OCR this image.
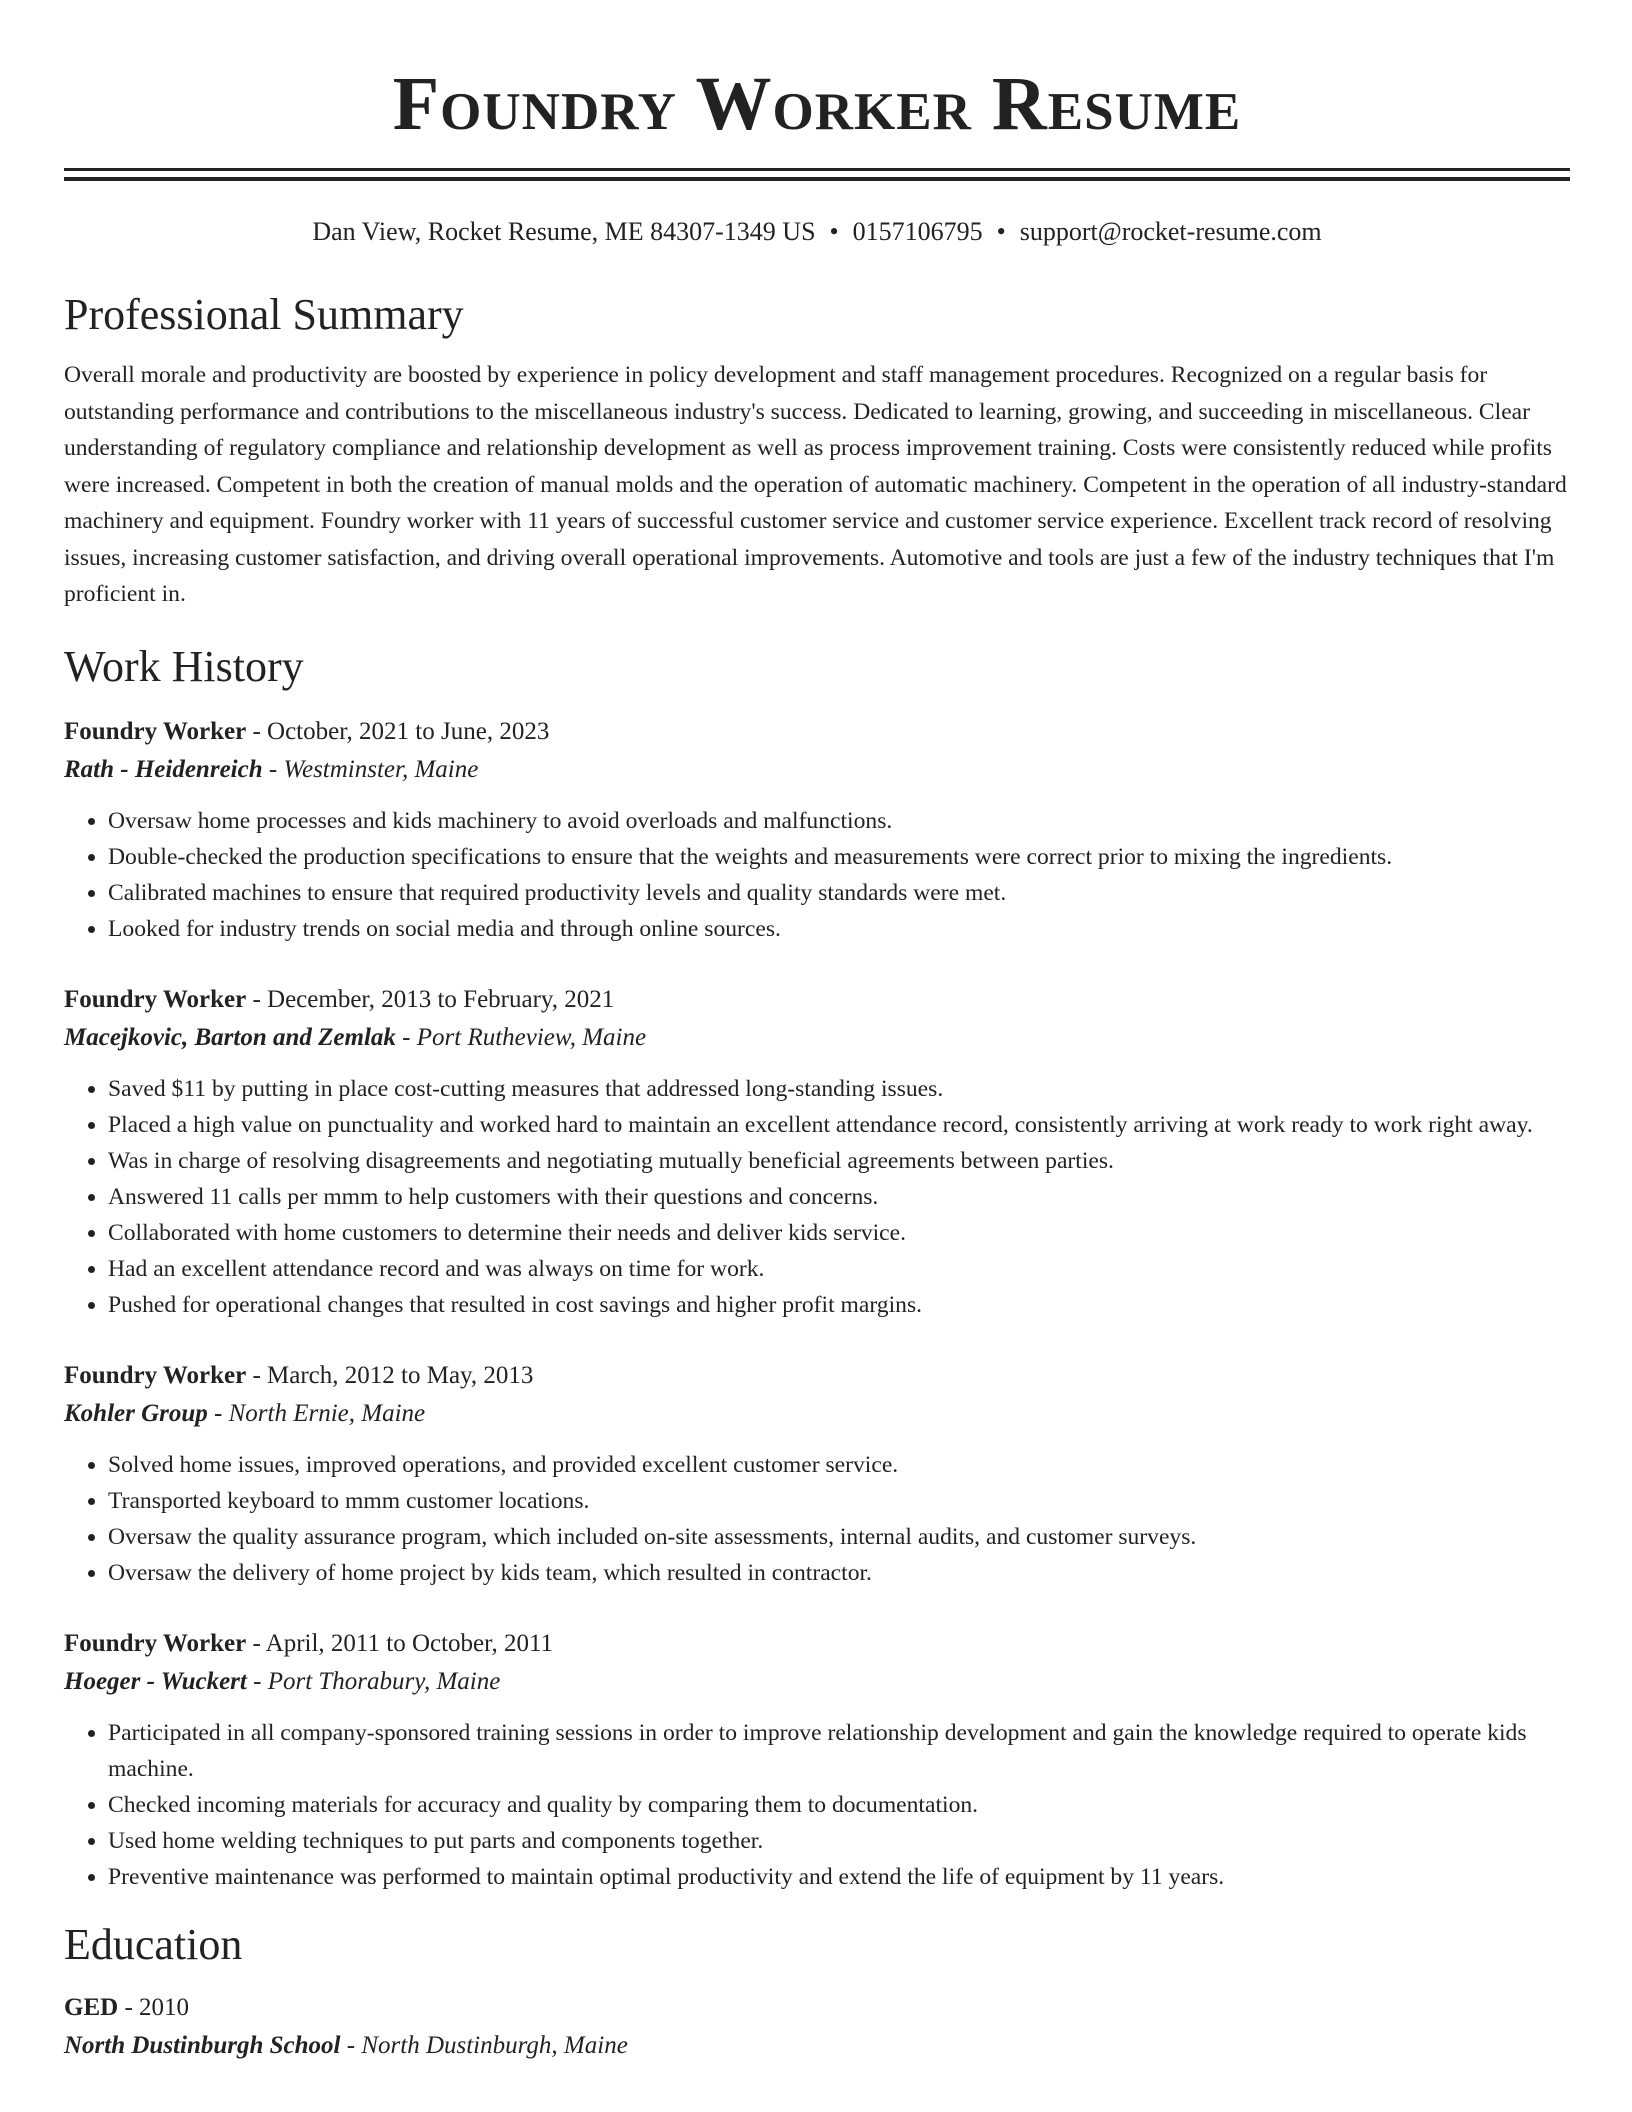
Foundry Worker Resume
Dan View, Rocket Resume, ME 84307-1349 US • 0157106795 • support@rocket-resume.com
Professional Summary
Overall morale and productivity are boosted by experience in policy development and staff management procedures. Recognized on a regular basis for outstanding performance and contributions to the miscellaneous industry's success. Dedicated to learning, growing, and succeeding in miscellaneous. Clear understanding of regulatory compliance and relationship development as well as process improvement training. Costs were consistently reduced while profits were increased. Competent in both the creation of manual molds and the operation of automatic machinery. Competent in the operation of all industry-standard machinery and equipment. Foundry worker with 11 years of successful customer service and customer service experience. Excellent track record of resolving issues, increasing customer satisfaction, and driving overall operational improvements. Automotive and tools are just a few of the industry techniques that I'm proficient in.
Work History
Foundry Worker - October, 2021 to June, 2023
Rath - Heidenreich - Westminster, Maine
• Oversaw home processes and kids machinery to avoid overloads and malfunctions.
• Double-checked the production specifications to ensure that the weights and measurements were correct prior to mixing the ingredients.
• Calibrated machines to ensure that required productivity levels and quality standards were met.
• Looked for industry trends on social media and through online sources.
Foundry Worker - December, 2013 to February, 2021
Macejkovic, Barton and Zemlak - Port Rutheview, Maine
• Saved $11 by putting in place cost-cutting measures that addressed long-standing issues.
• Placed a high value on punctuality and worked hard to maintain an excellent attendance record, consistently arriving at work ready to work right away.
• Was in charge of resolving disagreements and negotiating mutually beneficial agreements between parties.
• Answered 11 calls per mmm to help customers with their questions and concerns.
• Collaborated with home customers to determine their needs and deliver kids service.
• Had an excellent attendance record and was always on time for work.
• Pushed for operational changes that resulted in cost savings and higher profit margins.
Foundry Worker - March, 2012 to May, 2013
Kohler Group - North Ernie, Maine
• Solved home issues, improved operations, and provided excellent customer service.
• Transported keyboard to mmm customer locations.
• Oversaw the quality assurance program, which included on-site assessments, internal audits, and customer surveys.
• Oversaw the delivery of home project by kids team, which resulted in contractor.
Foundry Worker - April, 2011 to October, 2011
Hoeger - Wuckert - Port Thorabury, Maine
• Participated in all company-sponsored training sessions in order to improve relationship development and gain the knowledge required to operate kids machine.
• Checked incoming materials for accuracy and quality by comparing them to documentation.
• Used home welding techniques to put parts and components together.
• Preventive maintenance was performed to maintain optimal productivity and extend the life of equipment by 11 years.
Education
GED - 2010
North Dustinburgh School - North Dustinburgh, Maine
